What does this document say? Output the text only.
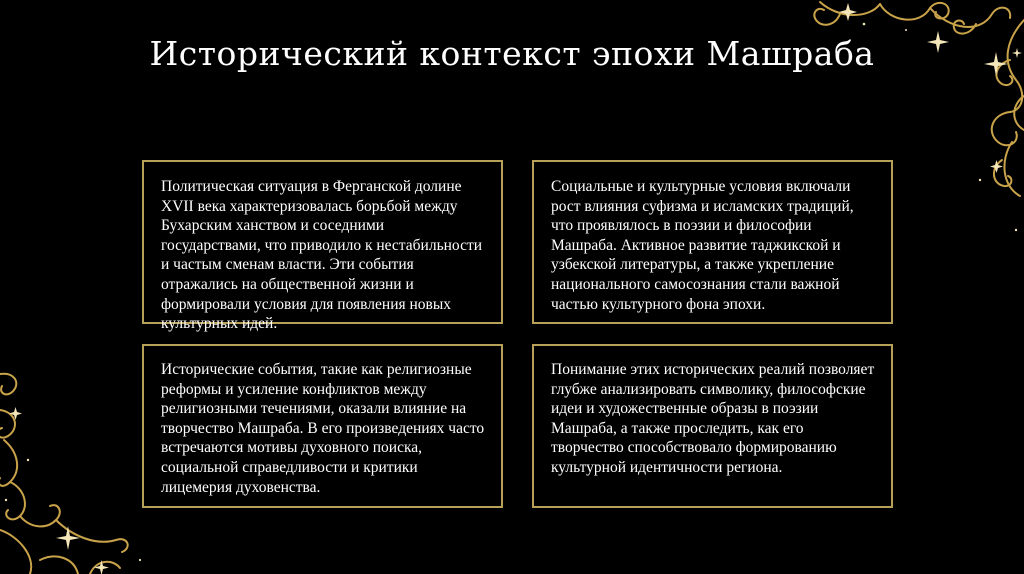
Исторический контекст эпохи Машраба

Политическая ситуация в Ферганской долине XVII века характеризовалась борьбой между Бухарским ханством и соседними государствами, что приводило к нестабильности и частым сменам власти. Эти события отражались на общественной жизни и формировали условия для появления новых культурных идей.

Социальные и культурные условия включали рост влияния суфизма и исламских традиций, что проявлялось в поэзии и философии Машраба. Активное развитие таджикской и узбекской литературы, а также укрепление национального самосознания стали важной частью культурного фона эпохи.

Исторические события, такие как религиозные реформы и усиление конфликтов между религиозными течениями, оказали влияние на творчество Машраба. В его произведениях часто встречаются мотивы духовного поиска, социальной справедливости и критики лицемерия духовенства.

Понимание этих исторических реалий позволяет глубже анализировать символику, философские идеи и художественные образы в поэзии Машраба, а также проследить, как его творчество способствовало формированию культурной идентичности региона.
